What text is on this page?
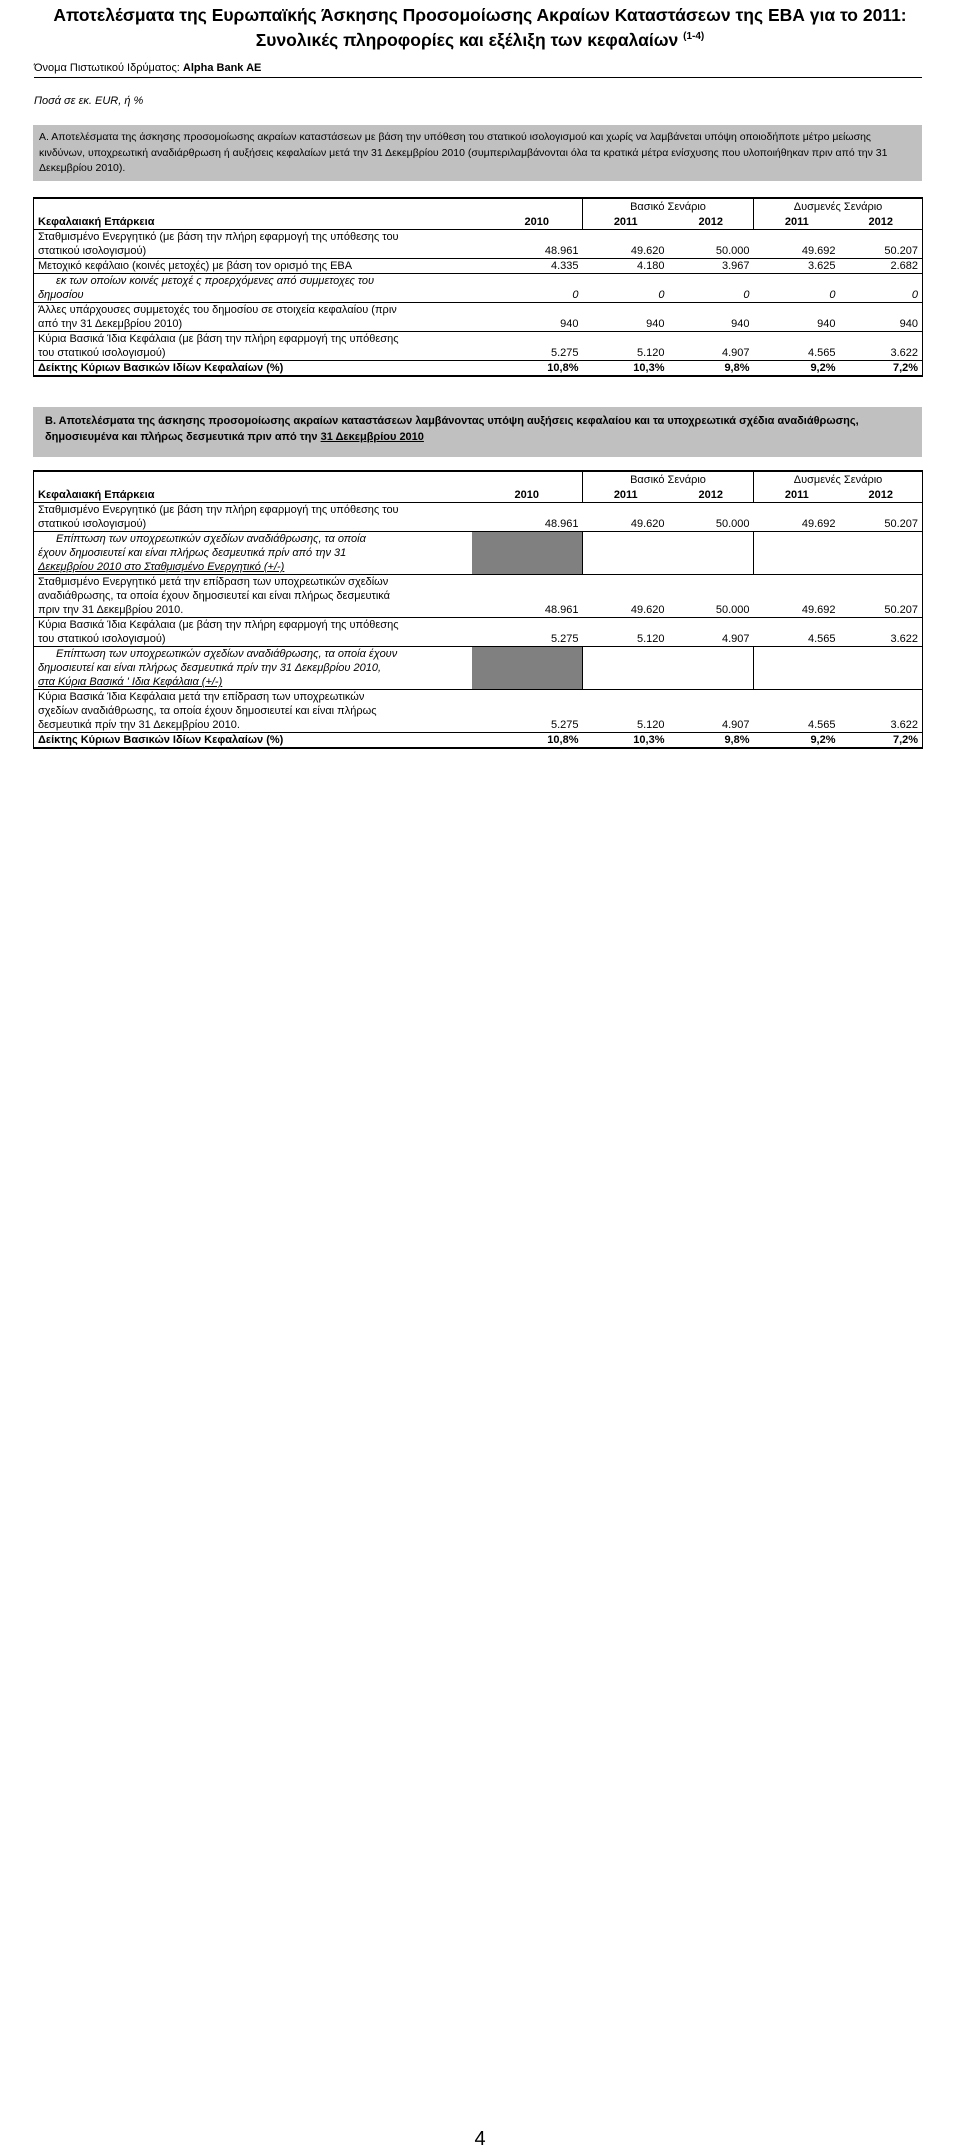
Αποτελέσματα της Ευρωπαϊκής Άσκησης Προσομοίωσης Ακραίων Καταστάσεων της ΕΒΑ για το 2011:
Συνολικές πληροφορίες και εξέλιξη των κεφαλαίων $^{(1-4)}$
Όνομα Πιστωτικού Ιδρύματος: Alpha Bank AE
Ποσά σε εκ. EUR, ή %
Α. Αποτελέσματα της άσκησης προσομοίωσης ακραίων καταστάσεων με βάση την υπόθεση του στατικού ισολογισμού και χωρίς να λαμβάνεται υπόψη οποιοδήποτε μέτρο μείωσης κινδύνων, υποχρεωτική αναδιάρθρωση ή αυξήσεις κεφαλαίων μετά την 31 Δεκεμβρίου 2010 (συμπεριλαμβάνονται όλα τα κρατικά μέτρα ενίσχυσης που υλοποιήθηκαν πριν από την 31 Δεκεμβρίου 2010).
		Βασικό Σενάριο		Δυσμενές Σενάριο	
Κεφαλαιακή Επάρκεια	2010	2011	2012	2011	2012
Σταθμισμένο Ενεργητικό (με βάση την πλήρη εφαρμογή της υπόθεσης του					
στατικού ισολογισμού)	48.961	49.620	50.000	49.692	50.207
Μετοχικό κεφάλαιο (κοινές μετοχές) με βάση τον ορισμό της ΕΒΑ	4.335	4.180	3.967	3.625	2.682
εκ των οποίων κοινές μετοχέ ς προερχόμενες από συμμετοχες του					
δημοσίου	0	0	0	0	0
Άλλες υπάρχουσες συμμετοχές του δημοσίου σε στοιχεία κεφαλαίου (πριν					
από την 31 Δεκεμβρίου 2010)	940	940	940	940	940
Κύρια Βασικά Ίδια Κεφάλαια (με βάση την πλήρη εφαρμογή της υπόθεσης					
του στατικού ισολογισμού)	5.275	5.120	4.907	4.565	3.622
Δείκτης Κύριων Βασικών Ιδίων Κεφαλαίων (%)	10,8%	10,3%	9,8%	9,2%	7,2%
Β. Αποτελέσματα της άσκησης προσομοίωσης ακραίων καταστάσεων λαμβάνοντας υπόψη αυξήσεις κεφαλαίου και τα υποχρεωτικά σχέδια αναδιάθρωσης, δημοσιευμένα και πλήρως δεσμευτικά πριν από την 31 Δεκεμβρίου 2010
		Βασικό Σενάριο		Δυσμενές Σενάριο	
Κεφαλαιακή Επάρκεια	2010	2011	2012	2011	2012
Σταθμισμένο Ενεργητικό (με βάση την πλήρη εφαρμογή της υπόθεσης του					
στατικού ισολογισμού)	48.961	49.620	50.000	49.692	50.207
Επίπτωση των υποχρεωτικών σχεδίων αναδιάθρωσης, τα οποία					
έχουν δημοσιευτεί και είναι πλήρως δεσμευτικά πρίν από την 31					
Δεκεμβρίου 2010 στο Σταθμισμένο Ενεργητικό (+/-)					
Σταθμισμένο Ενεργητικό μετά την επίδραση των υποχρεωτικών σχεδίων					
αναδιάθρωσης, τα οποία έχουν δημοσιευτεί και είναι πλήρως δεσμευτικά					
πριν την 31 Δεκεμβρίου 2010.	48.961	49.620	50.000	49.692	50.207
Κύρια Βασικά Ίδια Κεφάλαια (με βάση την πλήρη εφαρμογή της υπόθεσης					
του στατικού ισολογισμού)	5.275	5.120	4.907	4.565	3.622
Επίπτωση των υποχρεωτικών σχεδίων αναδιάθρωσης, τα οποία έχουν					
δημοσιευτεί και είναι πλήρως δεσμευτικά πρίν την 31 Δεκεμβρίου 2010,					
στα Κύρια Βασικά ' Ιδια Κεφάλαια (+/-)					
Κύρια Βασικά Ίδια Κεφάλαια μετά την επίδραση των υποχρεωτικών					
σχεδίων αναδιάθρωσης, τα οποία έχουν δημοσιευτεί και είναι πλήρως					
δεσμευτικά πρίν την 31 Δεκεμβρίου 2010.	5.275	5.120	4.907	4.565	3.622
Δείκτης Κύριων Βασικών Ιδίων Κεφαλαίων (%)	10,8%	10,3%	9,8%	9,2%	7,2%
4
